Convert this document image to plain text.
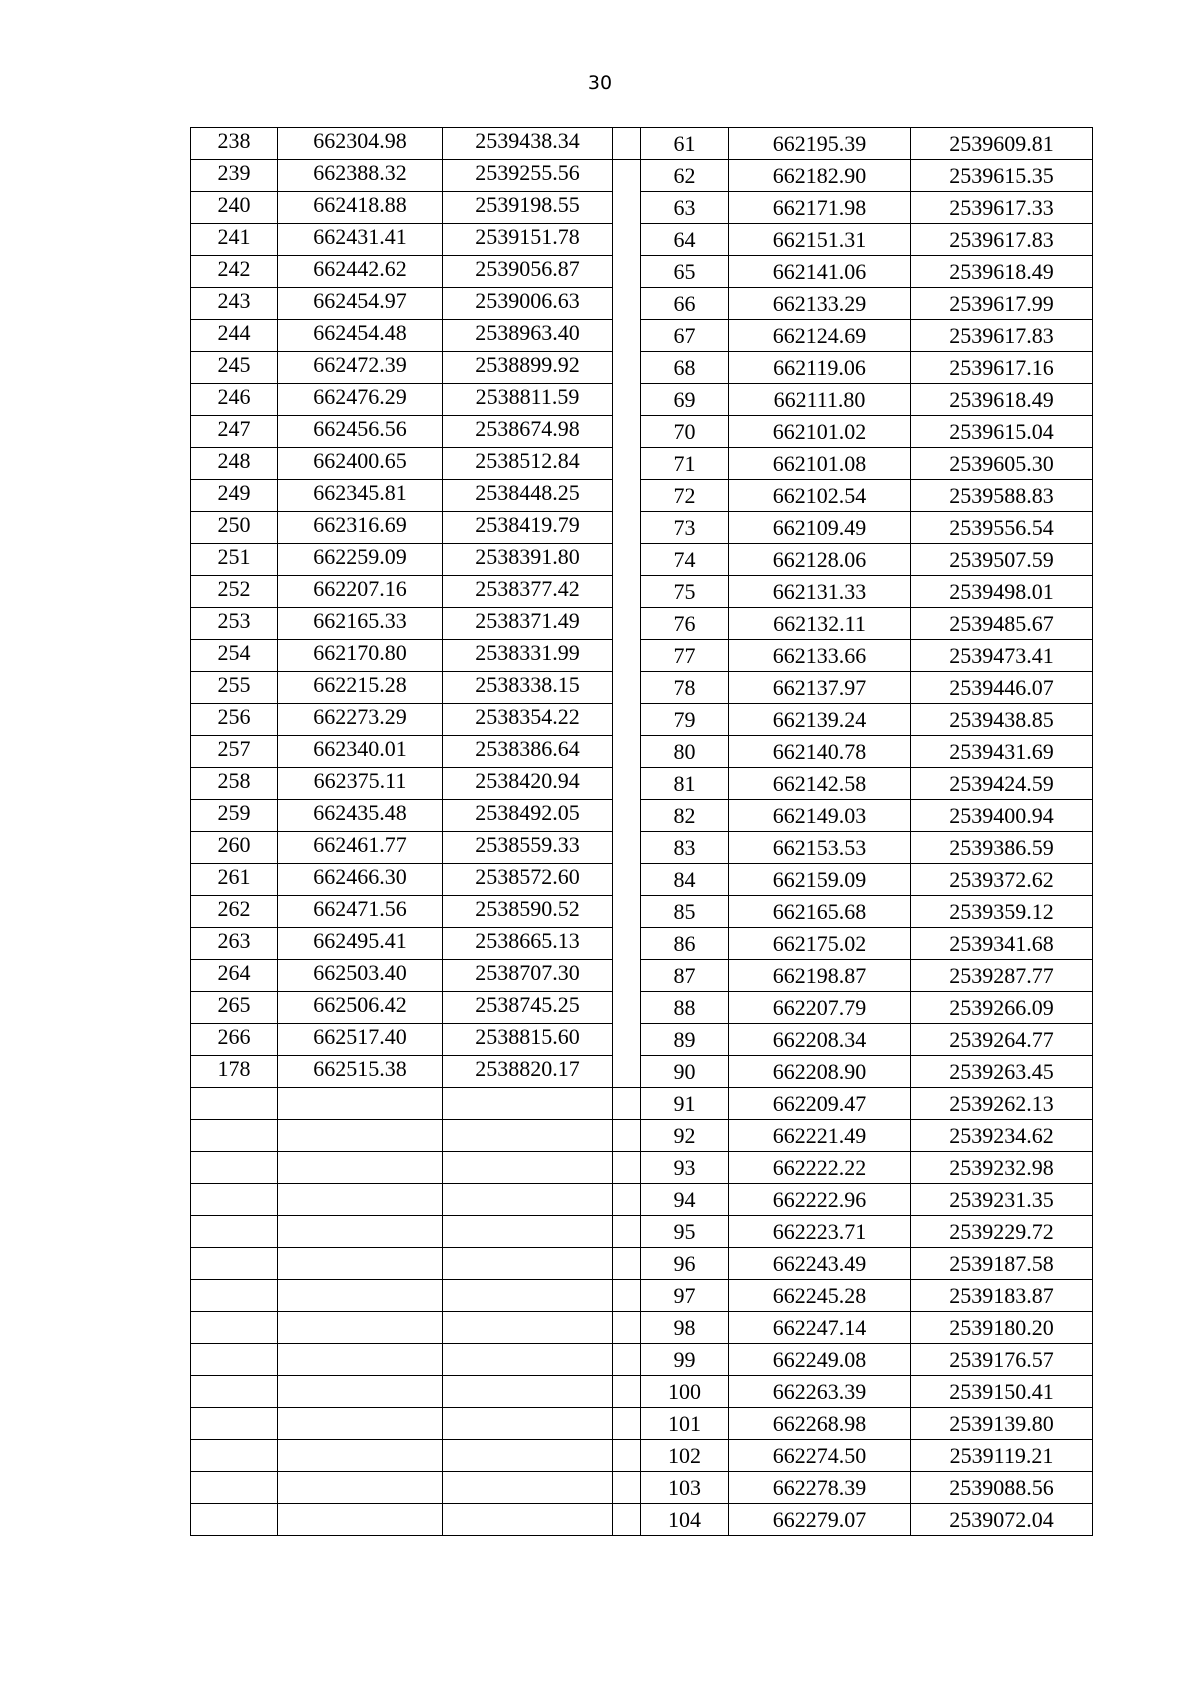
30
238	662304.98	2539438.34		61	662195.39	2539609.81
239	662388.32	2539255.56		62	662182.90	2539615.35
240	662418.88	2539198.55		63	662171.98	2539617.33
241	662431.41	2539151.78		64	662151.31	2539617.83
242	662442.62	2539056.87		65	662141.06	2539618.49
243	662454.97	2539006.63		66	662133.29	2539617.99
244	662454.48	2538963.40		67	662124.69	2539617.83
245	662472.39	2538899.92		68	662119.06	2539617.16
246	662476.29	2538811.59		69	662111.80	2539618.49
247	662456.56	2538674.98		70	662101.02	2539615.04
248	662400.65	2538512.84		71	662101.08	2539605.30
249	662345.81	2538448.25		72	662102.54	2539588.83
250	662316.69	2538419.79		73	662109.49	2539556.54
251	662259.09	2538391.80		74	662128.06	2539507.59
252	662207.16	2538377.42		75	662131.33	2539498.01
253	662165.33	2538371.49		76	662132.11	2539485.67
254	662170.80	2538331.99		77	662133.66	2539473.41
255	662215.28	2538338.15		78	662137.97	2539446.07
256	662273.29	2538354.22		79	662139.24	2539438.85
257	662340.01	2538386.64		80	662140.78	2539431.69
258	662375.11	2538420.94		81	662142.58	2539424.59
259	662435.48	2538492.05		82	662149.03	2539400.94
260	662461.77	2538559.33		83	662153.53	2539386.59
261	662466.30	2538572.60		84	662159.09	2539372.62
262	662471.56	2538590.52		85	662165.68	2539359.12
263	662495.41	2538665.13		86	662175.02	2539341.68
264	662503.40	2538707.30		87	662198.87	2539287.77
265	662506.42	2538745.25		88	662207.79	2539266.09
266	662517.40	2538815.60		89	662208.34	2539264.77
178	662515.38	2538820.17		90	662208.90	2539263.45
				91	662209.47	2539262.13
				92	662221.49	2539234.62
				93	662222.22	2539232.98
				94	662222.96	2539231.35
				95	662223.71	2539229.72
				96	662243.49	2539187.58
				97	662245.28	2539183.87
				98	662247.14	2539180.20
				99	662249.08	2539176.57
				100	662263.39	2539150.41
				101	662268.98	2539139.80
				102	662274.50	2539119.21
				103	662278.39	2539088.56
				104	662279.07	2539072.04
